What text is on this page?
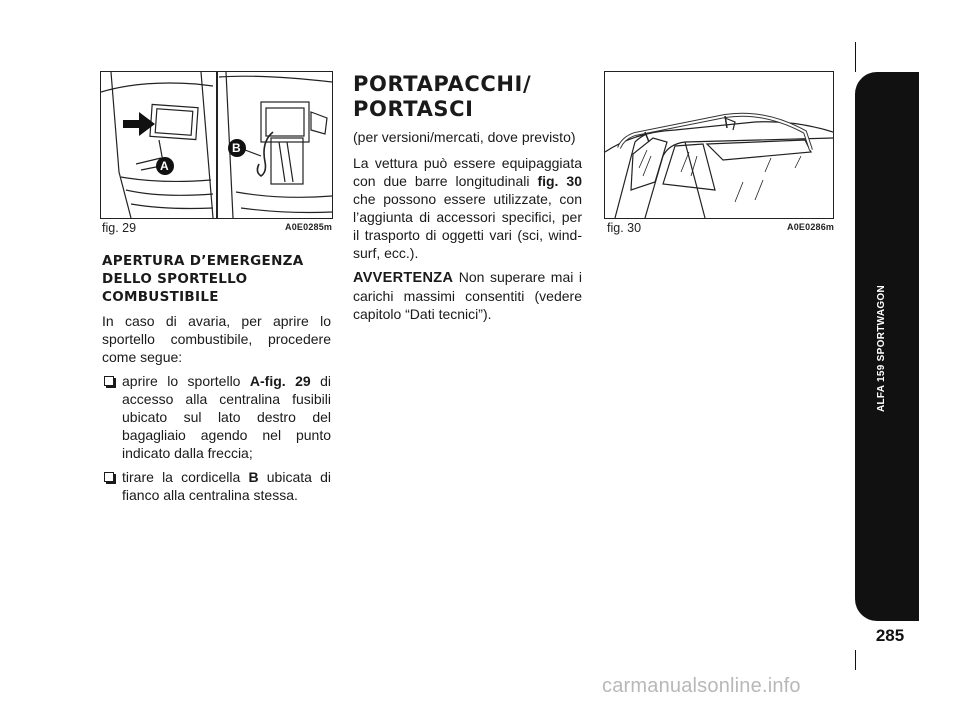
A
B
fig. 29	A0E0285m
APERTURA D’EMERGENZA
DELLO SPORTELLO
COMBUSTIBILE

In caso di avaria, per aprire lo sportello combustibile, procedere come segue:

aprire lo sportello A-fig. 29 di accesso alla centralina fusibili ubicato sul lato destro del bagagliaio agendo nel punto indicato dalla freccia;
tirare la cordicella B ubicata di fianco alla centralina stessa.
PORTAPACCHI/
PORTASCI
(per versioni/mercati, dove previsto)

La vettura può essere equipaggiata con due barre longitudinali fig. 30 che possono essere utilizzate, con l’aggiunta di accessori specifici, per il trasporto di oggetti vari (sci, wind-surf, ecc.).

AVVERTENZA Non superare mai i carichi massimi consentiti (vedere capitolo “Dati tecnici”).

fig. 30	A0E0286m
ALFA 159 SPORTWAGON
285
carmanualsonline.info
